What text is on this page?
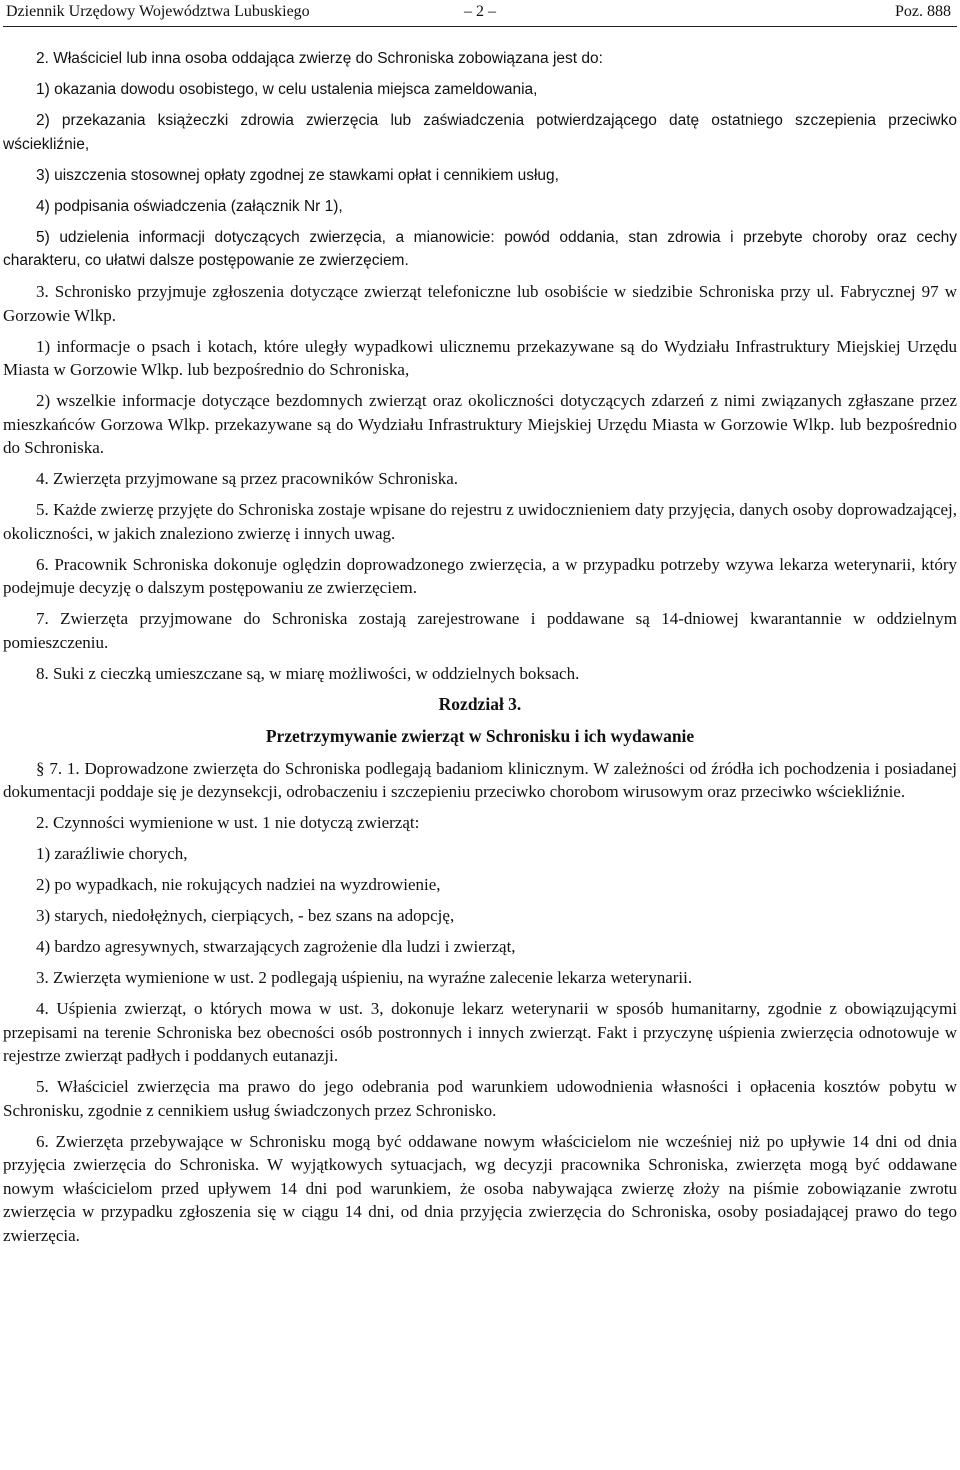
Dziennik Urzędowy Województwa Lubuskiego	– 2 –	Poz. 888

2. Właściciel lub inna osoba oddająca zwierzę do Schroniska zobowiązana jest do:

1) okazania dowodu osobistego, w celu ustalenia miejsca zameldowania,

2) przekazania książeczki zdrowia zwierzęcia lub zaświadczenia potwierdzającego datę ostatniego szczepienia przeciwko wściekliźnie,

3) uiszczenia stosownej opłaty zgodnej ze stawkami opłat i cennikiem usług,

4) podpisania oświadczenia (załącznik Nr 1),

5) udzielenia informacji dotyczących zwierzęcia, a mianowicie: powód oddania, stan zdrowia i przebyte choroby oraz cechy charakteru, co ułatwi dalsze postępowanie ze zwierzęciem.

3. Schronisko przyjmuje zgłoszenia dotyczące zwierząt telefoniczne lub osobiście w siedzibie Schroniska przy ul. Fabrycznej 97 w Gorzowie Wlkp.

1) informacje o psach i kotach, które uległy wypadkowi ulicznemu przekazywane są do Wydziału Infrastruktury Miejskiej Urzędu Miasta w Gorzowie Wlkp. lub bezpośrednio do Schroniska,

2) wszelkie informacje dotyczące bezdomnych zwierząt oraz okoliczności dotyczących zdarzeń z nimi związanych zgłaszane przez mieszkańców Gorzowa Wlkp. przekazywane są do Wydziału Infrastruktury Miejskiej Urzędu Miasta w Gorzowie Wlkp. lub bezpośrednio do Schroniska.

4. Zwierzęta przyjmowane są przez pracowników Schroniska.

5. Każde zwierzę przyjęte do Schroniska zostaje wpisane do rejestru z uwidocznieniem daty przyjęcia, danych osoby doprowadzającej, okoliczności, w jakich znaleziono zwierzę i innych uwag.

6. Pracownik Schroniska dokonuje oględzin doprowadzonego zwierzęcia, a w przypadku potrzeby wzywa lekarza weterynarii, który podejmuje decyzję o dalszym postępowaniu ze zwierzęciem.

7. Zwierzęta przyjmowane do Schroniska zostają zarejestrowane i poddawane są 14-dniowej kwarantannie w oddzielnym pomieszczeniu.

8. Suki z cieczką umieszczane są, w miarę możliwości, w oddzielnych boksach.

Rozdział 3.
Przetrzymywanie zwierząt w Schronisku i ich wydawanie

§ 7. 1. Doprowadzone zwierzęta do Schroniska podlegają badaniom klinicznym. W zależności od źródła ich pochodzenia i posiadanej dokumentacji poddaje się je dezynsekcji, odrobaczeniu i szczepieniu przeciwko chorobom wirusowym oraz przeciwko wściekliźnie.

2. Czynności wymienione w ust. 1 nie dotyczą zwierząt:

1) zaraźliwie chorych,

2) po wypadkach, nie rokujących nadziei na wyzdrowienie,

3) starych, niedołężnych, cierpiących, - bez szans na adopcję,

4) bardzo agresywnych, stwarzających zagrożenie dla ludzi i zwierząt,

3. Zwierzęta wymienione w ust. 2 podlegają uśpieniu, na wyraźne zalecenie lekarza weterynarii.

4. Uśpienia zwierząt, o których mowa w ust. 3, dokonuje lekarz weterynarii w sposób humanitarny, zgodnie z obowiązującymi przepisami na terenie Schroniska bez obecności osób postronnych i innych zwierząt. Fakt i przyczynę uśpienia zwierzęcia odnotowuje w rejestrze zwierząt padłych i poddanych eutanazji.

5. Właściciel zwierzęcia ma prawo do jego odebrania pod warunkiem udowodnienia własności i opłacenia kosztów pobytu w Schronisku, zgodnie z cennikiem usług świadczonych przez Schronisko.

6. Zwierzęta przebywające w Schronisku mogą być oddawane nowym właścicielom nie wcześniej niż po upływie 14 dni od dnia przyjęcia zwierzęcia do Schroniska. W wyjątkowych sytuacjach, wg decyzji pracownika Schroniska, zwierzęta mogą być oddawane nowym właścicielom przed upływem 14 dni pod warunkiem, że osoba nabywająca zwierzę złoży na piśmie zobowiązanie zwrotu zwierzęcia w przypadku zgłoszenia się w ciągu 14 dni, od dnia przyjęcia zwierzęcia do Schroniska, osoby posiadającej prawo do tego zwierzęcia.
